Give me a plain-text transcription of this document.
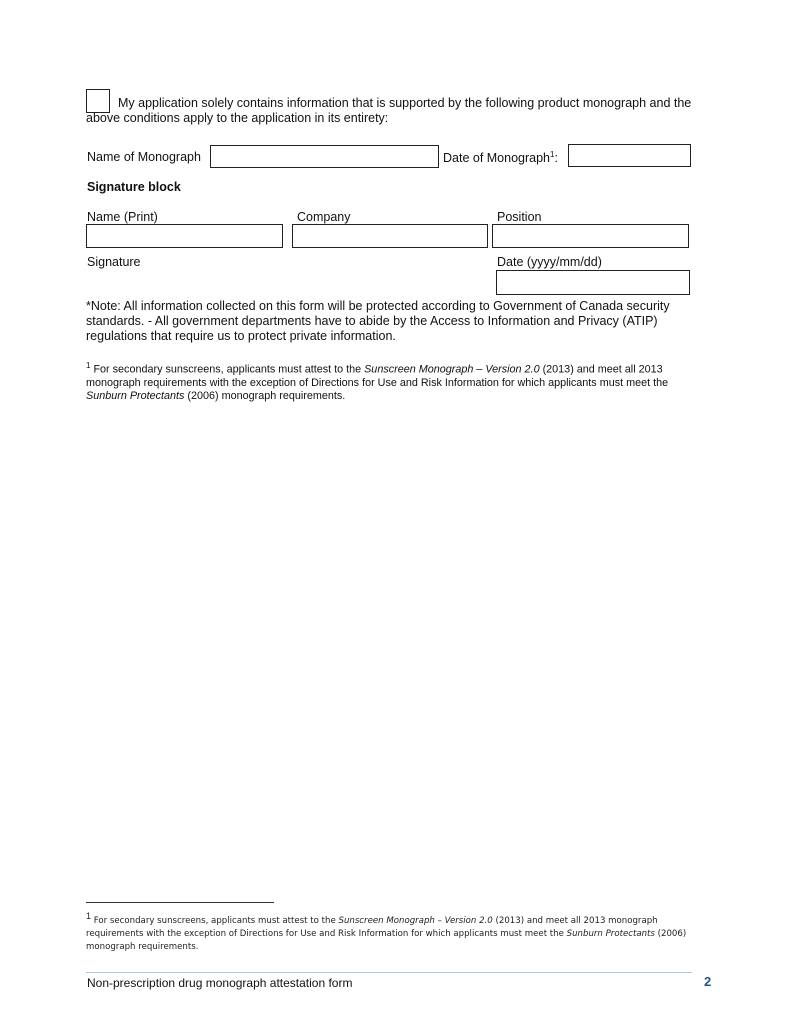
My application solely contains information that is supported by the following product monograph and the above conditions apply to the application in its entirety:
Name of Monograph	Date of Monograph$^1$:
Signature block
Name (Print)	Company	Position
Signature	Date (yyyy/mm/dd)
*Note: All information collected on this form will be protected according to Government of Canada security standards. - All government departments have to abide by the Access to Information and Privacy (ATIP) regulations that require us to protect private information.
$^1$ For secondary sunscreens, applicants must attest to the Sunscreen Monograph – Version 2.0 (2013) and meet all 2013 monograph requirements with the exception of Directions for Use and Risk Information for which applicants must meet the Sunburn Protectants (2006) monograph requirements.
$^1$ For secondary sunscreens, applicants must attest to the Sunscreen Monograph – Version 2.0 (2013) and meet all 2013 monograph requirements with the exception of Directions for Use and Risk Information for which applicants must meet the Sunburn Protectants (2006) monograph requirements.
Non-prescription drug monograph attestation form	2
